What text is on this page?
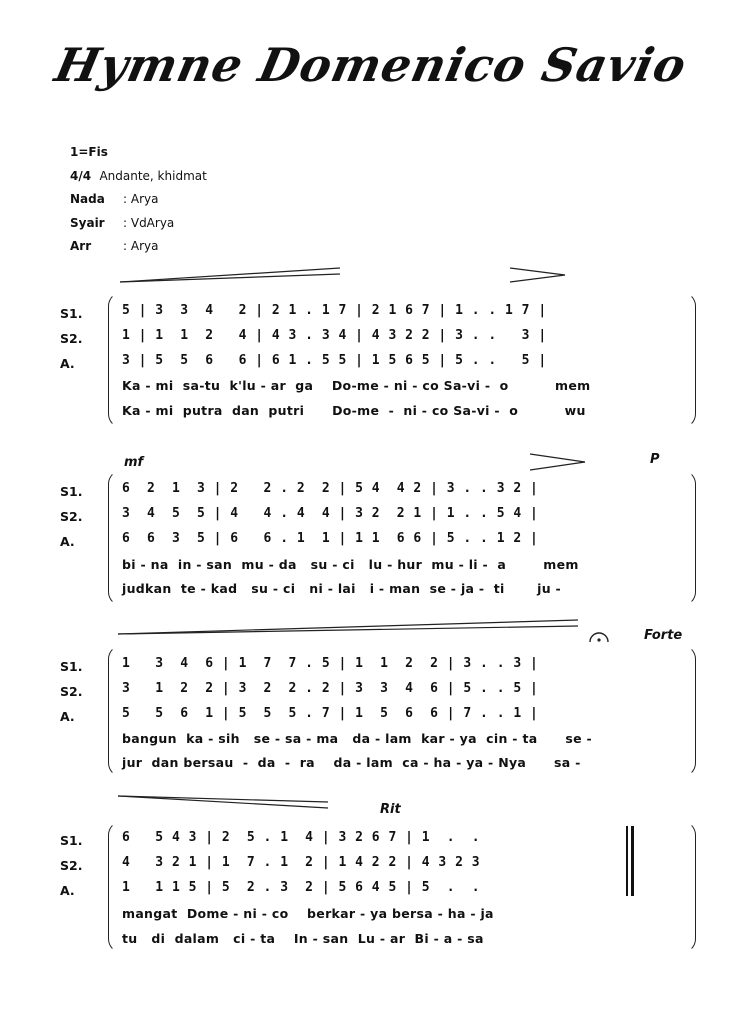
Hymne Domenico Savio
1=Fis
4/4 Andante, khidmat
Nada : Arya
Syair : VdArya
Arr	: Arya
S1.
S2.
A.
5 | 3  3  4   2 | 2 1 . 1 7 | 2 1 6 7 | 1 . . 1 7 |
1 | 1  1  2   4 | 4 3 . 3 4 | 4 3 2 2 | 3 . .   3 |
3 | 5  5  6   6 | 6 1 . 5 5 | 1 5 6 5 | 5 . .   5 |
Ka - mi  sa-tu  k'lu - ar  ga    Do-me - ni - co Sa-vi -  o          mem
Ka - mi  putra  dan  putri      Do-me  -  ni - co Sa-vi -  o          wu
mf	P
S1.
S2.
A.
6  2  1  3 | 2   2 . 2  2 | 5 4  4 2 | 3 . . 3 2 |
3  4  5  5 | 4   4 . 4  4 | 3 2  2 1 | 1 . . 5 4 |
6  6  3  5 | 6   6 . 1  1 | 1 1  6 6 | 5 . . 1 2 |
bi - na  in - san  mu - da   su - ci   lu - hur  mu - li -  a        mem
judkan  te - kad   su - ci   ni - lai   i - man  se - ja -  ti       ju -
Forte
S1.
S2.
A.
1   3  4  6 | 1  7  7 . 5 | 1  1  2  2 | 3 . . 3 |
3   1  2  2 | 3  2  2 . 2 | 3  3  4  6 | 5 . . 5 |
5   5  6  1 | 5  5  5 . 7 | 1  5  6  6 | 7 . . 1 |
bangun  ka - sih   se - sa - ma   da - lam  kar - ya  cin - ta      se -
jur  dan bersau  -  da  -  ra    da - lam  ca - ha - ya - Nya      sa -
Rit
S1.
S2.
A.
6   5 4 3 | 2  5 . 1  4 | 3 2 6 7 | 1  .  .
4   3 2 1 | 1  7 . 1  2 | 1 4 2 2 | 4 3 2 3
1   1 1 5 | 5  2 . 3  2 | 5 6 4 5 | 5  .  .
mangat  Dome - ni - co    berkar - ya bersa - ha - ja
tu   di  dalam   ci - ta    In - san  Lu - ar  Bi - a - sa
